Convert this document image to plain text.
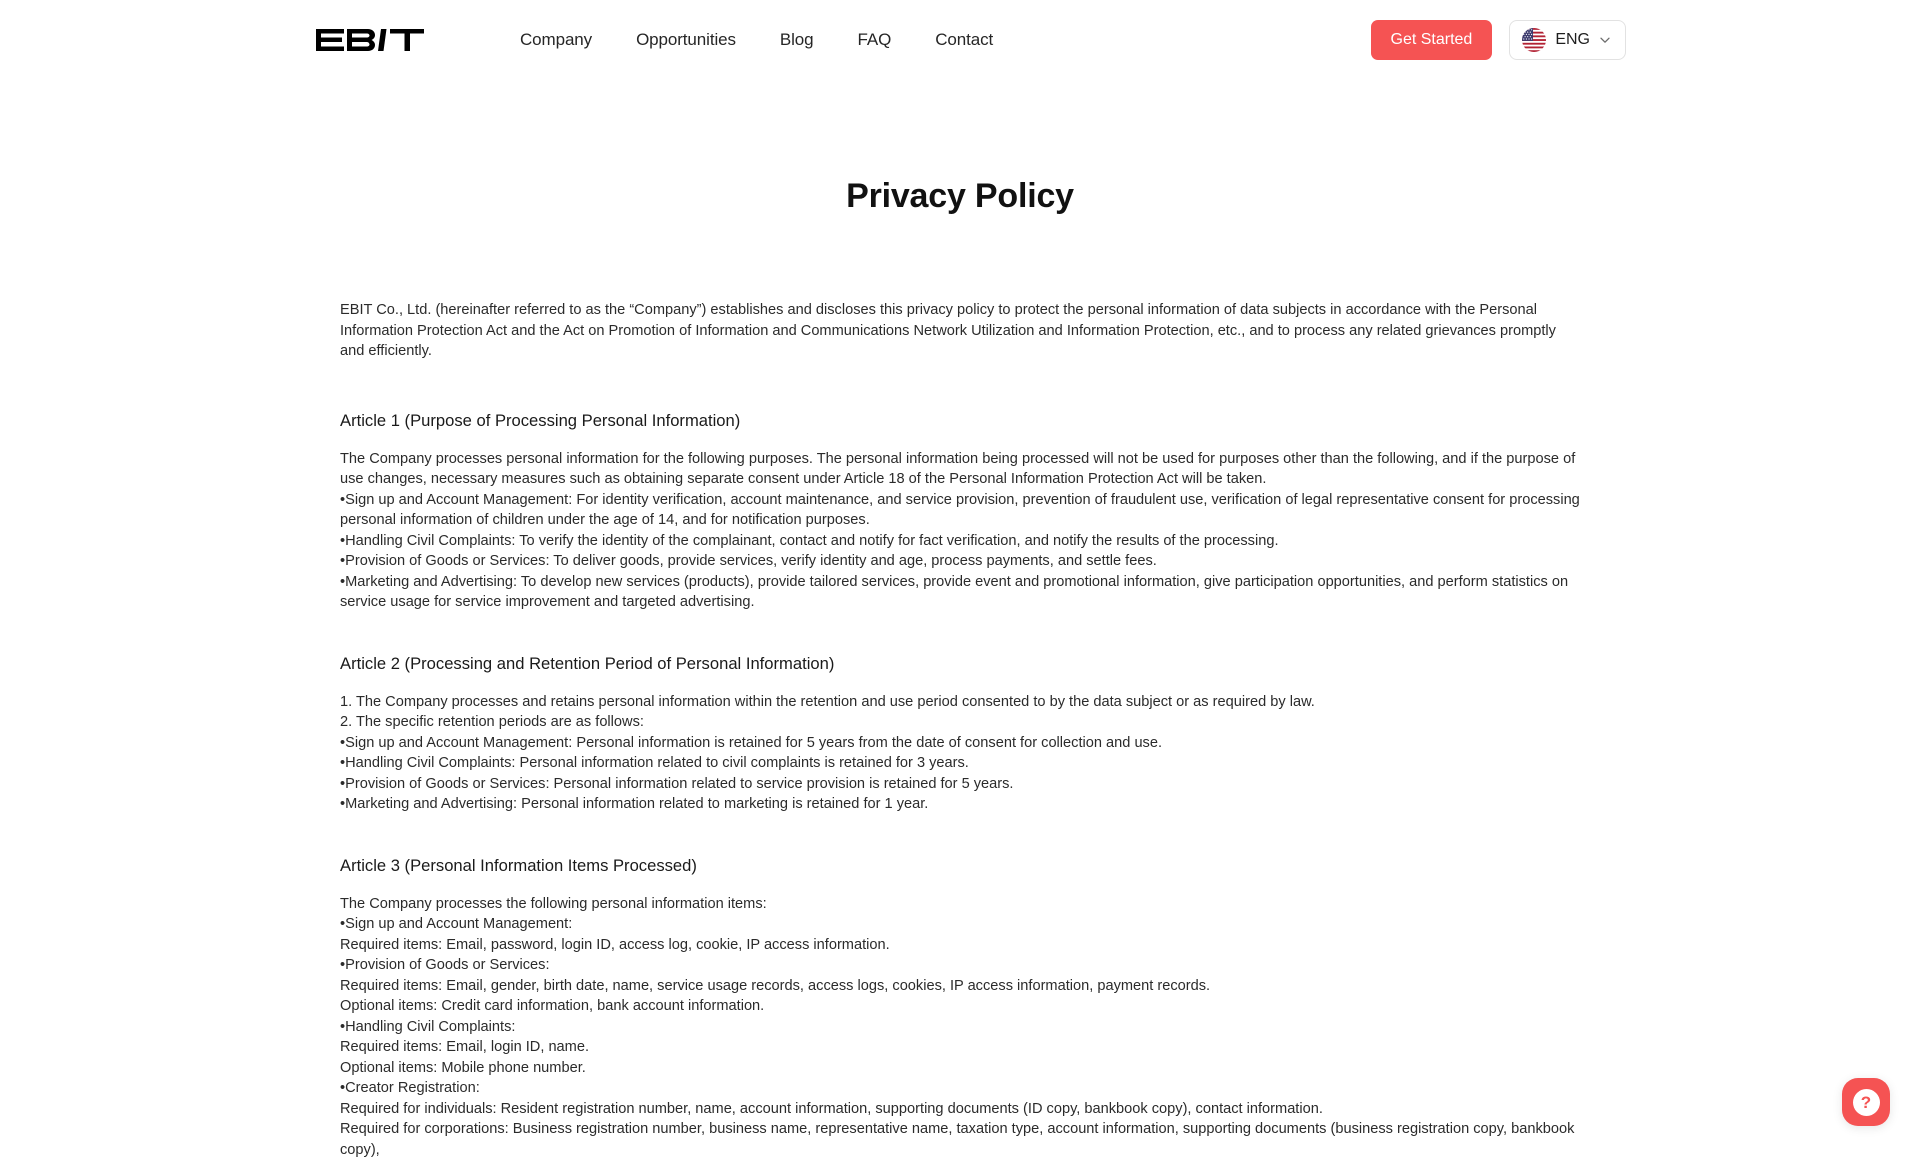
Company	Opportunities	Blog	FAQ	Contact	Get Started	ENG
Privacy Policy

EBIT Co., Ltd. (hereinafter referred to as the “Company”) establishes and discloses this privacy policy to protect the personal information of data subjects in accordance with the Personal Information Protection Act and the Act on Promotion of Information and Communications Network Utilization and Information Protection, etc., and to process any related grievances promptly and efficiently.

Article 1 (Purpose of Processing Personal Information)

The Company processes personal information for the following purposes. The personal information being processed will not be used for purposes other than the following, and if the purpose of use changes, necessary measures such as obtaining separate consent under Article 18 of the Personal Information Protection Act will be taken.

•Sign up and Account Management: For identity verification, account maintenance, and service provision, prevention of fraudulent use, verification of legal representative consent for processing personal information of children under the age of 14, and for notification purposes.

•Handling Civil Complaints: To verify the identity of the complainant, contact and notify for fact verification, and notify the results of the processing.

•Provision of Goods or Services: To deliver goods, provide services, verify identity and age, process payments, and settle fees.

•Marketing and Advertising: To develop new services (products), provide tailored services, provide event and promotional information, give participation opportunities, and perform statistics on service usage for service improvement and targeted advertising.

Article 2 (Processing and Retention Period of Personal Information)

1. The Company processes and retains personal information within the retention and use period consented to by the data subject or as required by law.

2. The specific retention periods are as follows:

•Sign up and Account Management: Personal information is retained for 5 years from the date of consent for collection and use.

•Handling Civil Complaints: Personal information related to civil complaints is retained for 3 years.

•Provision of Goods or Services: Personal information related to service provision is retained for 5 years.

•Marketing and Advertising: Personal information related to marketing is retained for 1 year.

Article 3 (Personal Information Items Processed)

The Company processes the following personal information items:

•Sign up and Account Management:

Required items: Email, password, login ID, access log, cookie, IP access information.

•Provision of Goods or Services:

Required items: Email, gender, birth date, name, service usage records, access logs, cookies, IP access information, payment records.

Optional items: Credit card information, bank account information.

•Handling Civil Complaints:

Required items: Email, login ID, name.

Optional items: Mobile phone number.

•Creator Registration:

Required for individuals: Resident registration number, name, account information, supporting documents (ID copy, bankbook copy), contact information.

Required for corporations: Business registration number, business name, representative name, taxation type, account information, supporting documents (business registration copy, bankbook copy),

?
